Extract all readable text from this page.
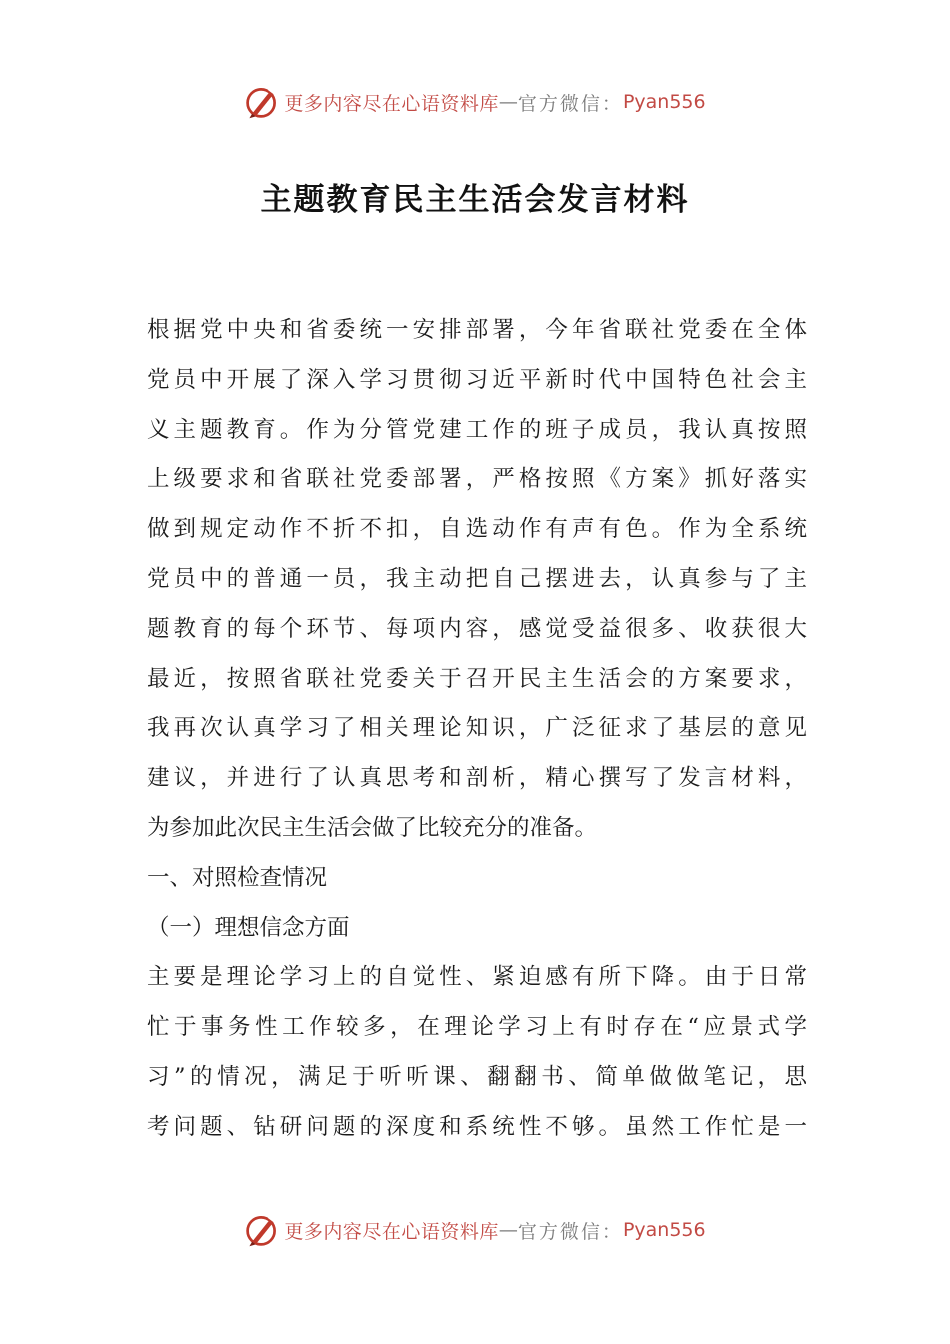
更多内容尽在心语资料库 — 官方微信： Pyan556
主题教育民主生活会发言材料
根据党中央和省委统一安排部署，今年省联社党委在全体
党员中开展了深入学习贯彻习近平新时代中国特色社会主
义主题教育。作为分管党建工作的班子成员，我认真按照
上级要求和省联社党委部署，严格按照《方案》抓好落实
做到规定动作不折不扣，自选动作有声有色。作为全系统
党员中的普通一员，我主动把自己摆进去，认真参与了主
题教育的每个环节、每项内容，感觉受益很多、收获很大
最近，按照省联社党委关于召开民主生活会的方案要求，
我再次认真学习了相关理论知识，广泛征求了基层的意见
建议，并进行了认真思考和剖析，精心撰写了发言材料，
为参加此次民主生活会做了比较充分的准备。
一、对照检查情况
（一）理想信念方面
主要是理论学习上的自觉性、紧迫感有所下降。由于日常
忙于事务性工作较多，在理论学习上有时存在“应景式学
习”的情况，满足于听听课、翻翻书、简单做做笔记，思
考问题、钻研问题的深度和系统性不够。虽然工作忙是一
更多内容尽在心语资料库 — 官方微信： Pyan556
